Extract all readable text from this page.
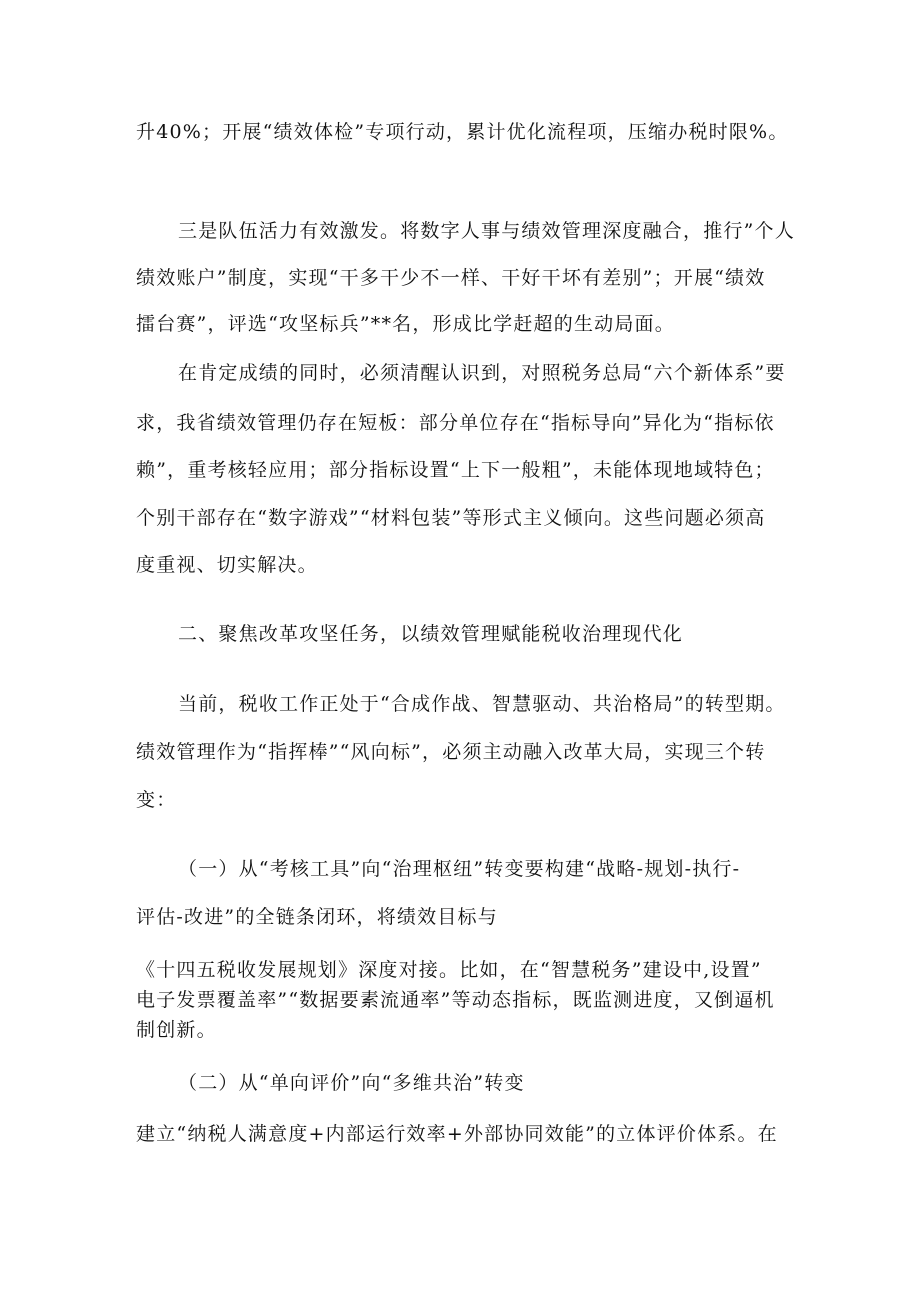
升40%；开展“绩效体检”专项行动，累计优化流程项，压缩办税时限%。
三是队伍活力有效激发。将数字人事与绩效管理深度融合，推行”个人
绩效账户”制度，实现“干多干少不一样、干好干坏有差别”；开展“绩效
擂台赛”，评选“攻坚标兵”**名，形成比学赶超的生动局面。
在肯定成绩的同时，必须清醒认识到，对照税务总局“六个新体系”要
求，我省绩效管理仍存在短板：部分单位存在“指标导向”异化为“指标依
赖”，重考核轻应用；部分指标设置“上下一般粗”，未能体现地域特色；
个别干部存在“数字游戏”“材料包装”等形式主义倾向。这些问题必须高
度重视、切实解决。
二、聚焦改革攻坚任务，以绩效管理赋能税收治理现代化
当前，税收工作正处于“合成作战、智慧驱动、共治格局”的转型期。
绩效管理作为“指挥棒”“风向标”，必须主动融入改革大局，实现三个转
变：
（一）从“考核工具”向“治理枢纽”转变要构建“战略-规划-执行-
评估-改进”的全链条闭环，将绩效目标与
《十四五税收发展规划》深度对接。比如，在“智慧税务”建设中,设置”
电子发票覆盖率”“数据要素流通率”等动态指标，既监测进度，又倒逼机
制创新。
（二）从“单向评价”向“多维共治”转变
建立“纳税人满意度+内部运行效率+外部协同效能”的立体评价体系。在
